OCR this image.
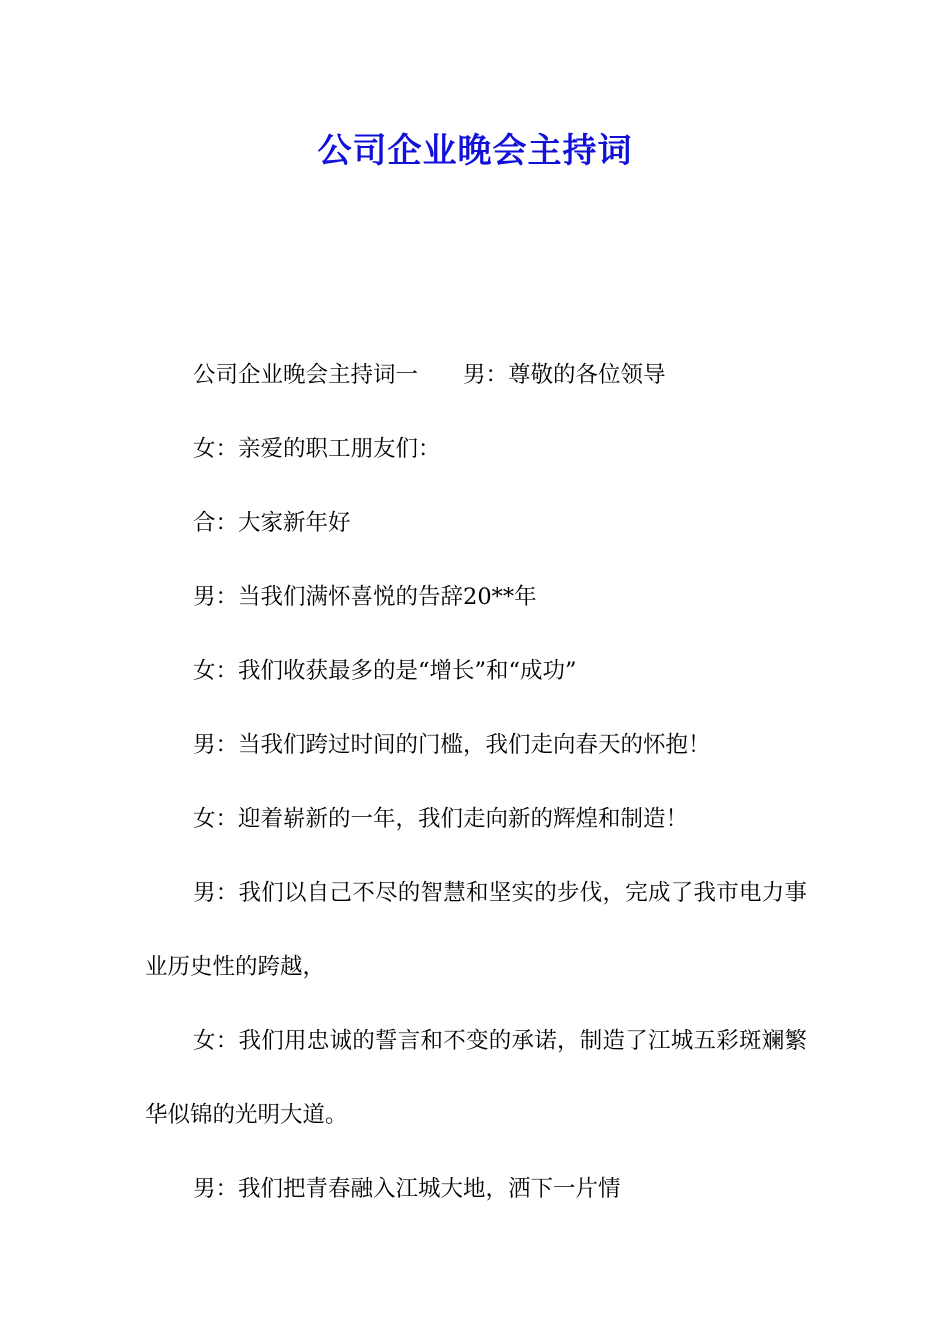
公司企业晚会主持词

公司企业晚会主持词一　　男：尊敬的各位领导

女：亲爱的职工朋友们：

合：大家新年好

男：当我们满怀喜悦的告辞20**年

女：我们收获最多的是“增长”和“成功”

男：当我们跨过时间的门槛，我们走向春天的怀抱！

女：迎着崭新的一年，我们走向新的辉煌和制造！

男：我们以自己不尽的智慧和坚实的步伐，完成了我市电力事业历史性的跨越，

女：我们用忠诚的誓言和不变的承诺，制造了江城五彩斑斓繁华似锦的光明大道。

男：我们把青春融入江城大地，洒下一片情
